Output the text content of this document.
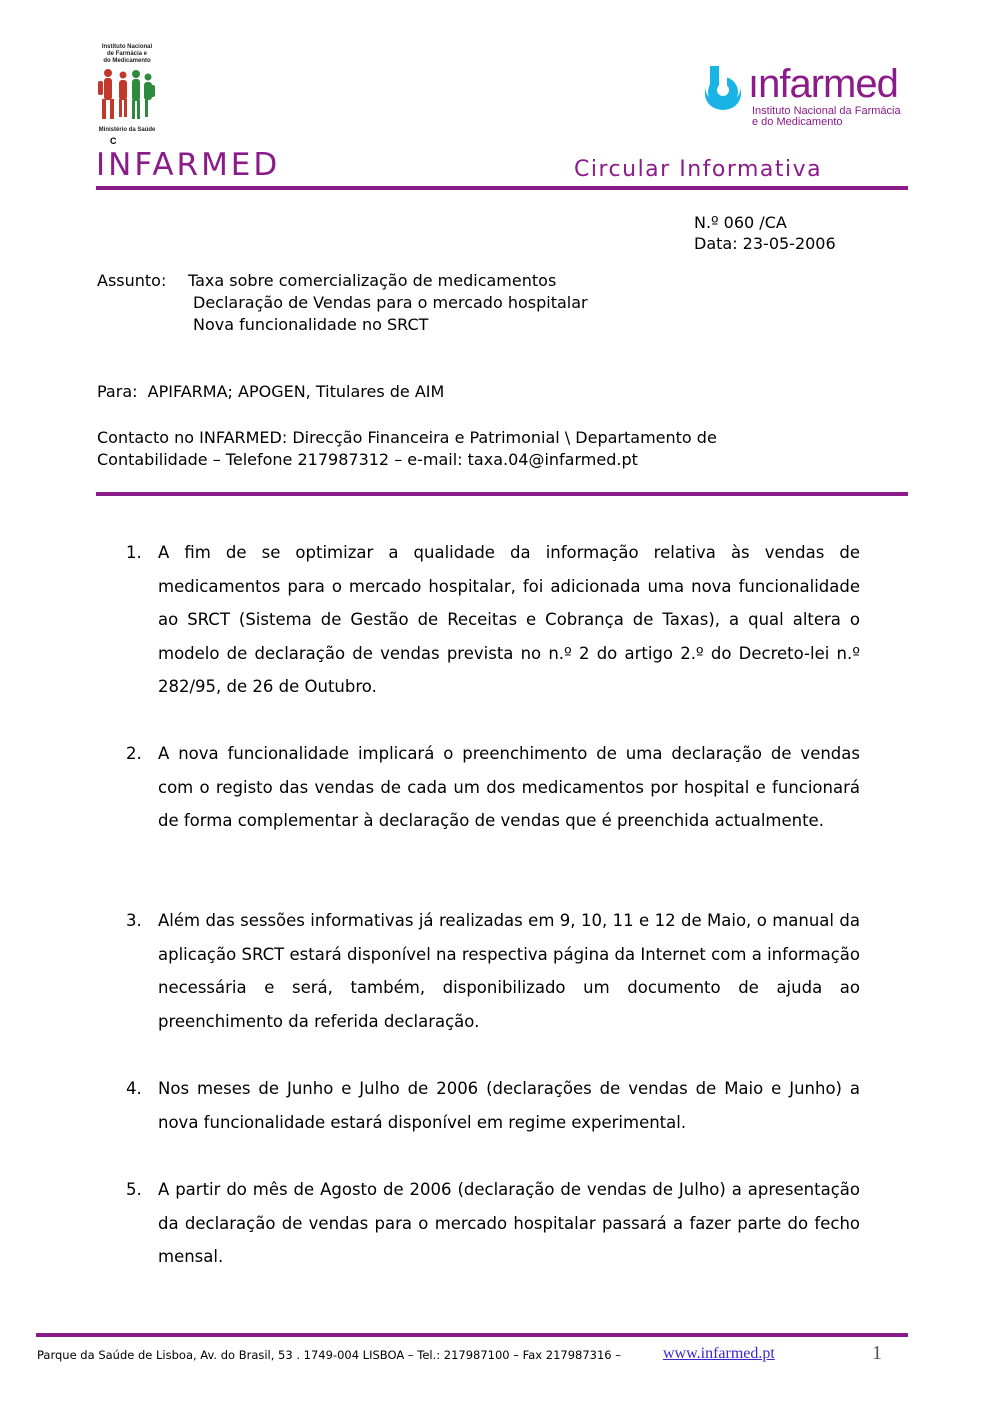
Instituto Nacional
de Farmácia e
do Medicamento
Ministério da Saúde
C
INFARMED	Circular Informativa
ınfarmed
Instituto Nacional da Farmácia
e do Medicamento
N.º 060 /CA
Data: 23-05-2006
Assunto: Taxa sobre comercialização de medicamentos
Declaração de Vendas para o mercado hospitalar
Nova funcionalidade no SRCT
Para:  APIFARMA; APOGEN, Titulares de AIM
Contacto no INFARMED: Direcção Financeira e Patrimonial \ Departamento de
Contabilidade – Telefone 217987312 – e-mail: taxa.04@infarmed.pt
1. A fim de se optimizar a qualidade da informação relativa às vendas de medicamentos para o mercado hospitalar, foi adicionada uma nova funcionalidade ao SRCT (Sistema de Gestão de Receitas e Cobrança de Taxas), a qual altera o modelo de declaração de vendas prevista no n.º 2 do artigo 2.º do Decreto-lei n.º 282/95, de 26 de Outubro.
2. A nova funcionalidade implicará o preenchimento de uma declaração de vendas com o registo das vendas de cada um dos medicamentos por hospital e funcionará de forma complementar à declaração de vendas que é preenchida actualmente.
3. Além das sessões informativas já realizadas em 9, 10, 11 e 12 de Maio, o manual da aplicação SRCT estará disponível na respectiva página da Internet com a informação necessária e será, também, disponibilizado um documento de ajuda ao preenchimento da referida declaração.
4. Nos meses de Junho e Julho de 2006 (declarações de vendas de Maio e Junho) a nova funcionalidade estará disponível em regime experimental.
5. A partir do mês de Agosto de 2006 (declaração de vendas de Julho) a apresentação da declaração de vendas para o mercado hospitalar passará a fazer parte do fecho mensal.
Parque da Saúde de Lisboa, Av. do Brasil, 53 . 1749-004 LISBOA – Tel.: 217987100 – Fax 217987316 –	www.infarmed.pt	1
